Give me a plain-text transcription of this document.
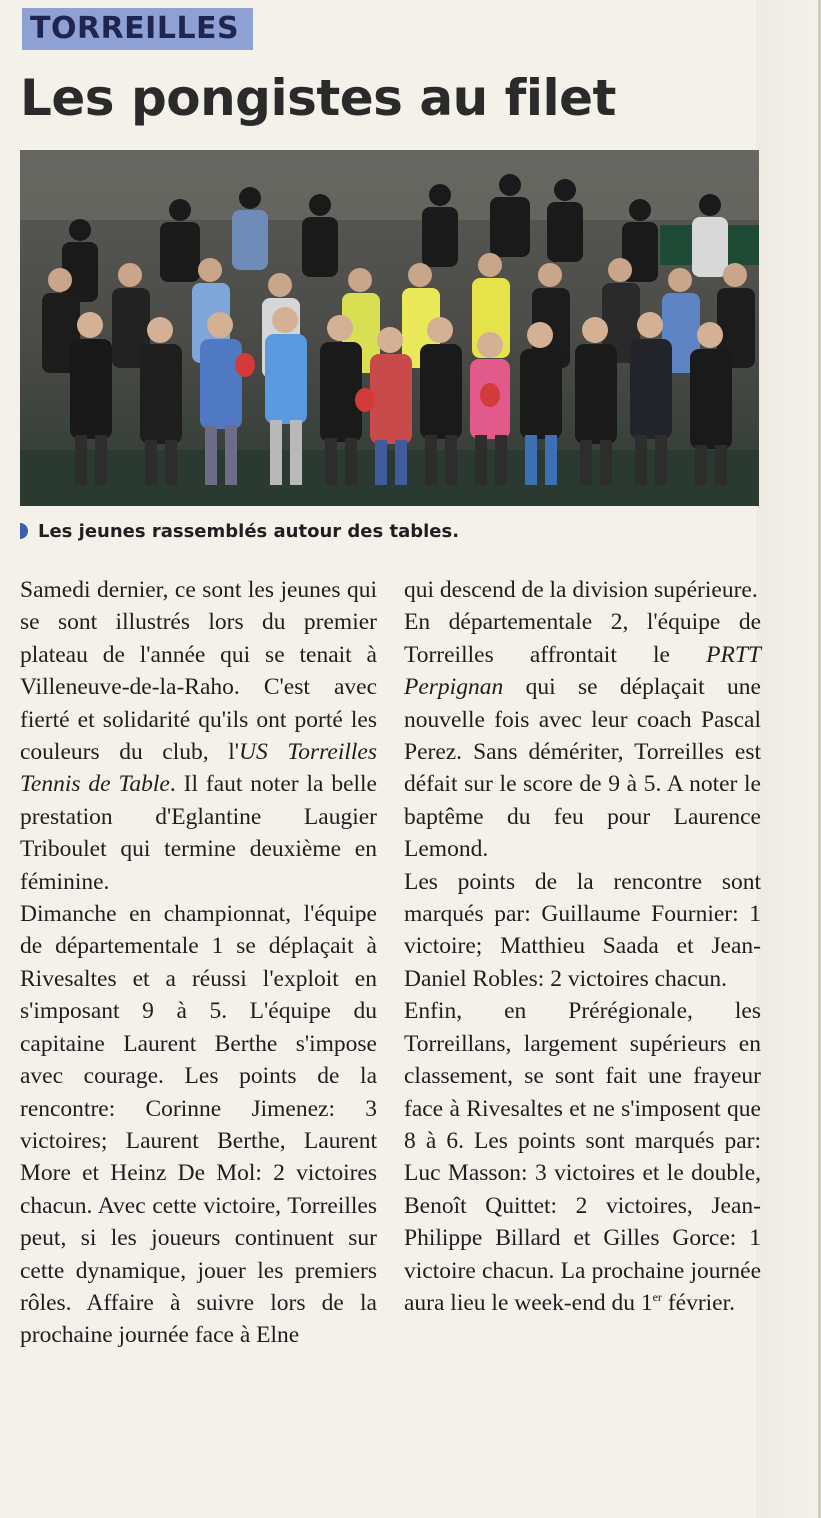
TORREILLES
Les pongistes au filet
Les jeunes rassemblés autour des tables.

Samedi dernier, ce sont les jeunes qui se sont illustrés lors du premier plateau de l'année qui se tenait à Villeneuve-de-la-Raho. C'est avec fierté et solidarité qu'ils ont porté les couleurs du club, l'US Torreilles Tennis de Table. Il faut noter la belle prestation d'Eglantine Laugier Triboulet qui termine deuxième en féminine.

Dimanche en championnat, l'équipe de départementale 1 se déplaçait à Rivesaltes et a réussi l'exploit en s'imposant 9 à 5. L'équipe du capitaine Laurent Berthe s'impose avec courage. Les points de la rencontre: Corinne Jimenez: 3 victoires; Laurent Berthe, Laurent More et Heinz De Mol: 2 victoires chacun. Avec cette victoire, Torreilles peut, si les joueurs continuent sur cette dynamique, jouer les premiers rôles. Affaire à suivre lors de la prochaine journée face à Elne

qui descend de la division supérieure.

En départementale 2, l'équipe de Torreilles affrontait le PRTT Perpignan qui se déplaçait une nouvelle fois avec leur coach Pascal Perez. Sans démériter, Torreilles est défait sur le score de 9 à 5. A noter le baptême du feu pour Laurence Lemond.

Les points de la rencontre sont marqués par: Guillaume Fournier: 1 victoire; Matthieu Saada et Jean-Daniel Robles: 2 victoires chacun.

Enfin, en Prérégionale, les Torreillans, largement supérieurs en classement, se sont fait une frayeur face à Rivesaltes et ne s'imposent que 8 à 6. Les points sont marqués par: Luc Masson: 3 victoires et le double, Benoît Quittet: 2 victoires, Jean-Philippe Billard et Gilles Gorce: 1 victoire chacun. La prochaine journée aura lieu le week-end du 1er février.
